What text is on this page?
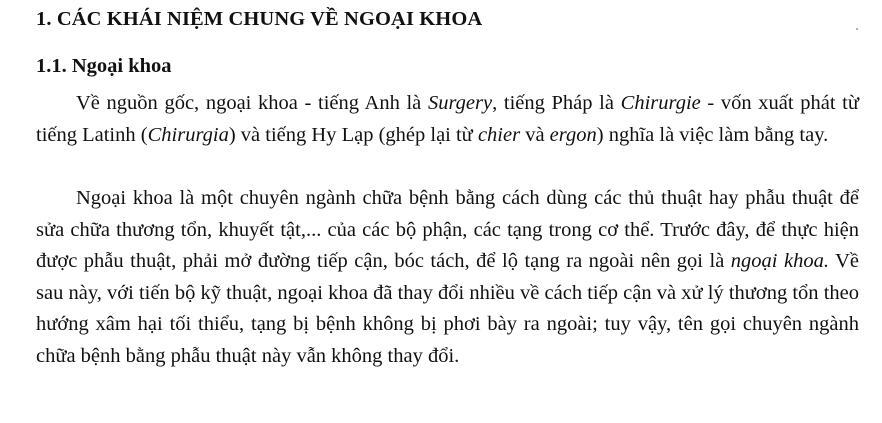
1. CÁC KHÁI NIỆM CHUNG VỀ NGOẠI KHOA
1.1. Ngoại khoa

Về nguồn gốc, ngoại khoa - tiếng Anh là Surgery, tiếng Pháp là Chirurgie - vốn xuất phát từ tiếng Latinh (Chirurgia) và tiếng Hy Lạp (ghép lại từ chier và ergon) nghĩa là việc làm bằng tay.

Ngoại khoa là một chuyên ngành chữa bệnh bằng cách dùng các thủ thuật hay phẫu thuật để sửa chữa thương tổn, khuyết tật,... của các bộ phận, các tạng trong cơ thể. Trước đây, để thực hiện được phẫu thuật, phải mở đường tiếp cận, bóc tách, để lộ tạng ra ngoài nên gọi là ngoại khoa. Về sau này, với tiến bộ kỹ thuật, ngoại khoa đã thay đổi nhiều về cách tiếp cận và xử lý thương tổn theo hướng xâm hại tối thiểu, tạng bị bệnh không bị phơi bày ra ngoài; tuy vậy, tên gọi chuyên ngành chữa bệnh bằng phẫu thuật này vẫn không thay đổi.
